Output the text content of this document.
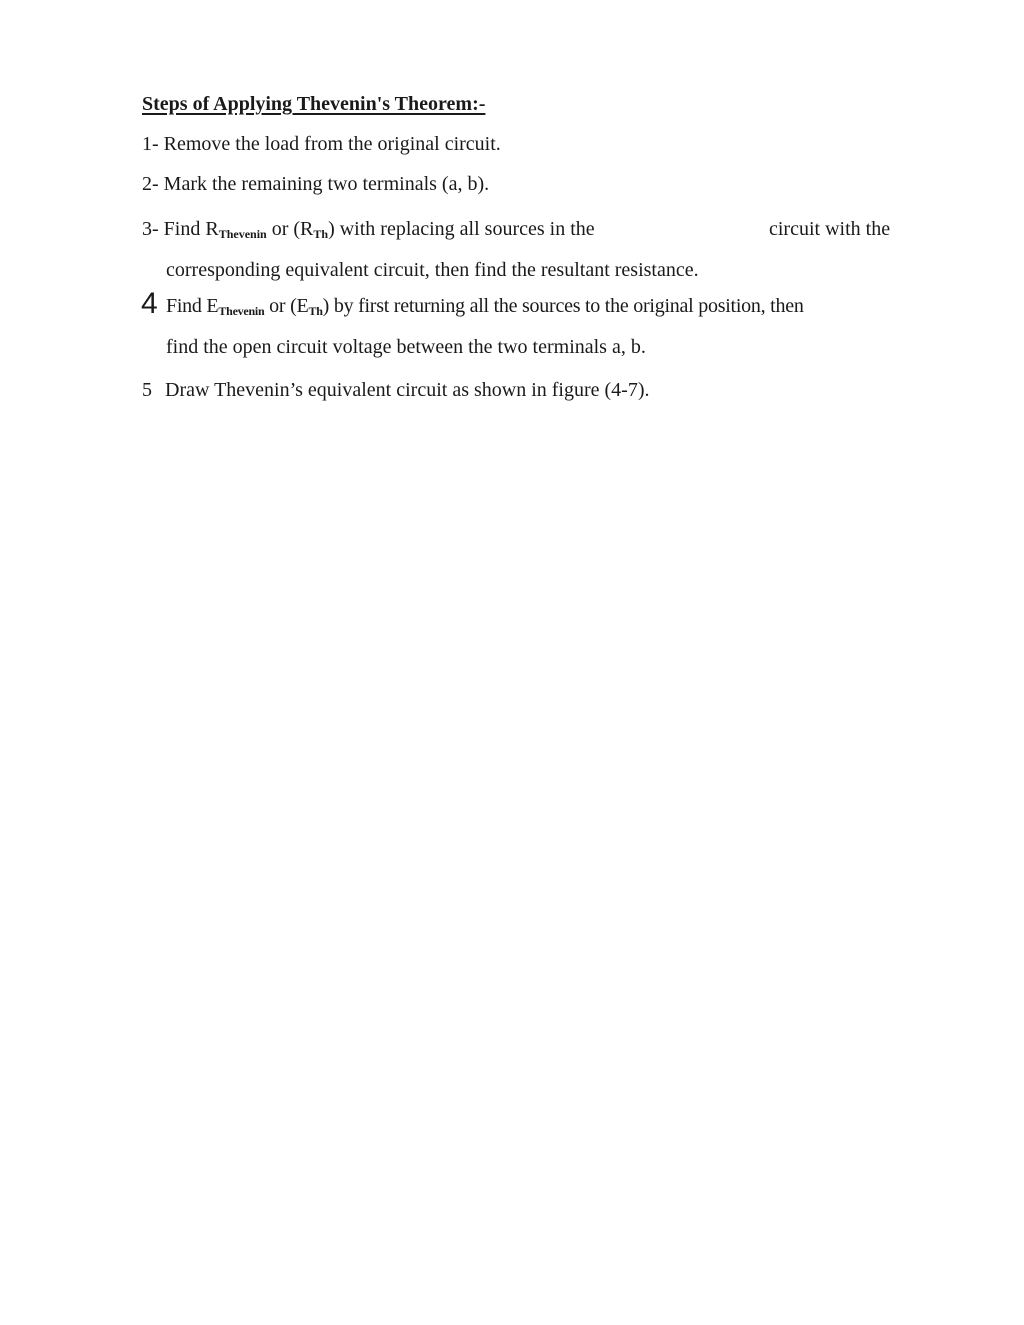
Steps of Applying Thevenin's Theorem:-
1- Remove the load from the original circuit.
2- Mark the remaining two terminals (a, b).
3- Find RThevenin or (RTh) with replacing all sources in the	circuit with the
corresponding equivalent circuit, then find the resultant resistance.
4 Find EThevenin or (ETh) by first returning all the sources to the original position, then
find the open circuit voltage between the two terminals a, b.
5 Draw Thevenin’s equivalent circuit as shown in figure (4-7).
